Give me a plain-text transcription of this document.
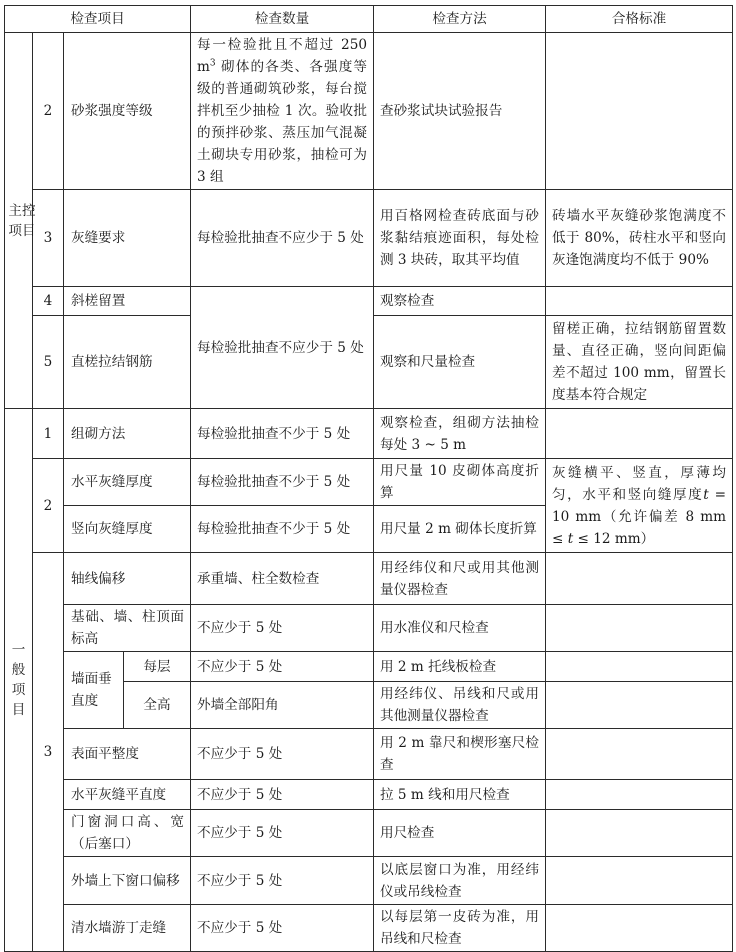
检查项目				检查数量	检查方法	合格标准
主控项目	2	砂浆强度等级		每一检验批且不超过 250 $m^3$ 砌体的各类、各强度等级的普通砌筑砂浆，每台搅拌机至少抽检 1 次。验收批的预拌砂浆、蒸压加气混凝土砌块专用砂浆，抽检可为 3 组	查砂浆试块试验报告	
	3	灰缝要求		每检验批抽查不应少于 5 处	用百格网检查砖底面与砂浆黏结痕迹面积，每处检测 3 块砖，取其平均值	砖墙水平灰缝砂浆饱满度不低于 80%，砖柱水平和竖向灰逢饱满度均不低于 90%
	4	斜槎留置		每检验批抽查不应少于 5 处	观察检查	
	5	直槎拉结钢筋			观察和尺量检查	留槎正确，拉结钢筋留置数量、直径正确，竖向间距偏差不超过 100 mm，留置长度基本符合规定
一般项目	1	组砌方法		每检验批抽查不少于 5 处	观察检查，组砌方法抽检每处 3 ~ 5 m	
	2	水平灰缝厚度		每检验批抽查不少于 5 处	用尺量 10 皮砌体高度折算	灰缝横平、竖直，厚薄均匀，水平和竖向缝厚度t = 10 mm（允许偏差 8 mm ≤ t ≤ 12 mm）
		竖向灰缝厚度		每检验批抽查不少于 5 处	用尺量 2 m 砌体长度折算	
	3	轴线偏移		承重墙、柱全数检查	用经纬仪和尺或用其他测量仪器检查	
		基础、墙、柱顶面标高		不应少于 5 处	用水准仪和尺检查	
		墙面垂直度	每层	不应少于 5 处	用 2 m 托线板检查	
			全高	外墙全部阳角	用经纬仪、吊线和尺或用其他测量仪器检查	
		表面平整度		不应少于 5 处	用 2 m 靠尺和楔形塞尺检查	
		水平灰缝平直度		不应少于 5 处	拉 5 m 线和用尺检查	
		门窗洞口高、宽（后塞口）		不应少于 5 处	用尺检查	
		外墙上下窗口偏移		不应少于 5 处	以底层窗口为准，用经纬仪或吊线检查	
		清水墙游丁走缝		不应少于 5 处	以每层第一皮砖为准，用吊线和尺检查	
